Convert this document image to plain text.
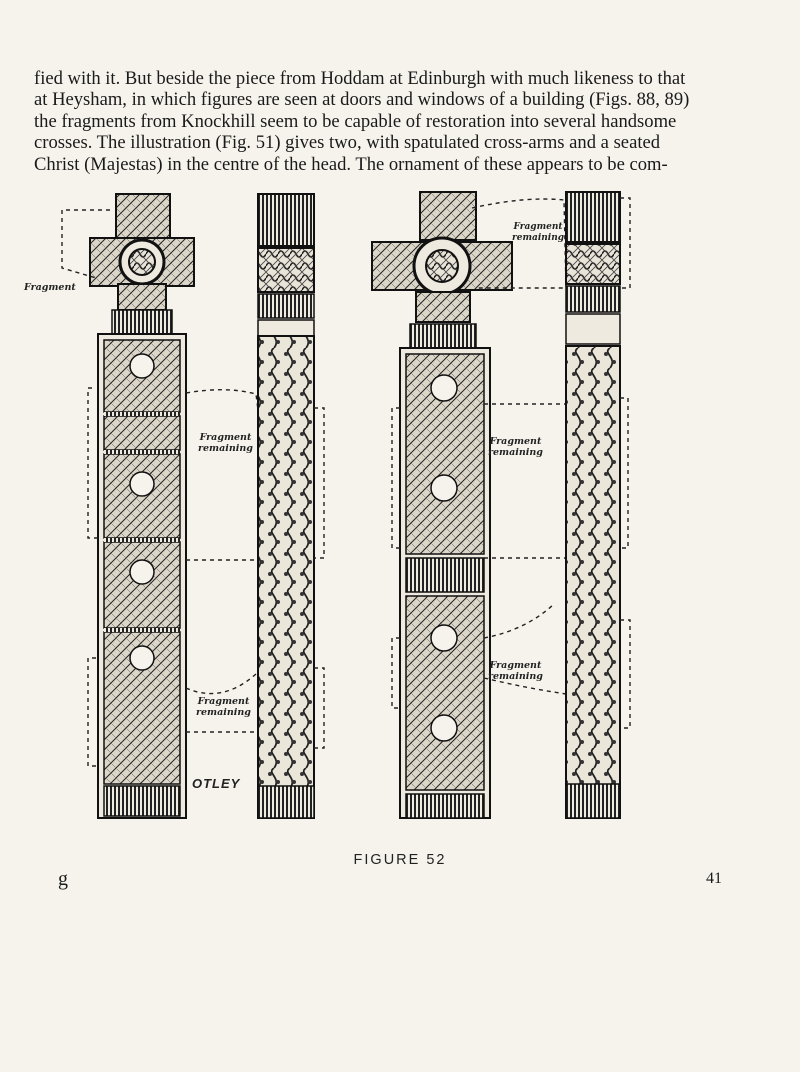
fied with it. But beside the piece from Hoddam at Edinburgh with much likeness to that
at Heysham, in which figures are seen at doors and windows of a building (Figs. 88, 89)
the fragments from Knockhill seem to be capable of restoration into several handsome
crosses. The illustration (Fig. 51) gives two, with spatulated cross-arms and a seated
Christ (Majestas) in the centre of the head. The ornament of these appears to be com-

Fragment
Fragment
remaining
Fragment
remaining
OTLEY
Fragment
remaining
Fragment
remaining
Fragment
remaining
FIGURE 52
g	41
